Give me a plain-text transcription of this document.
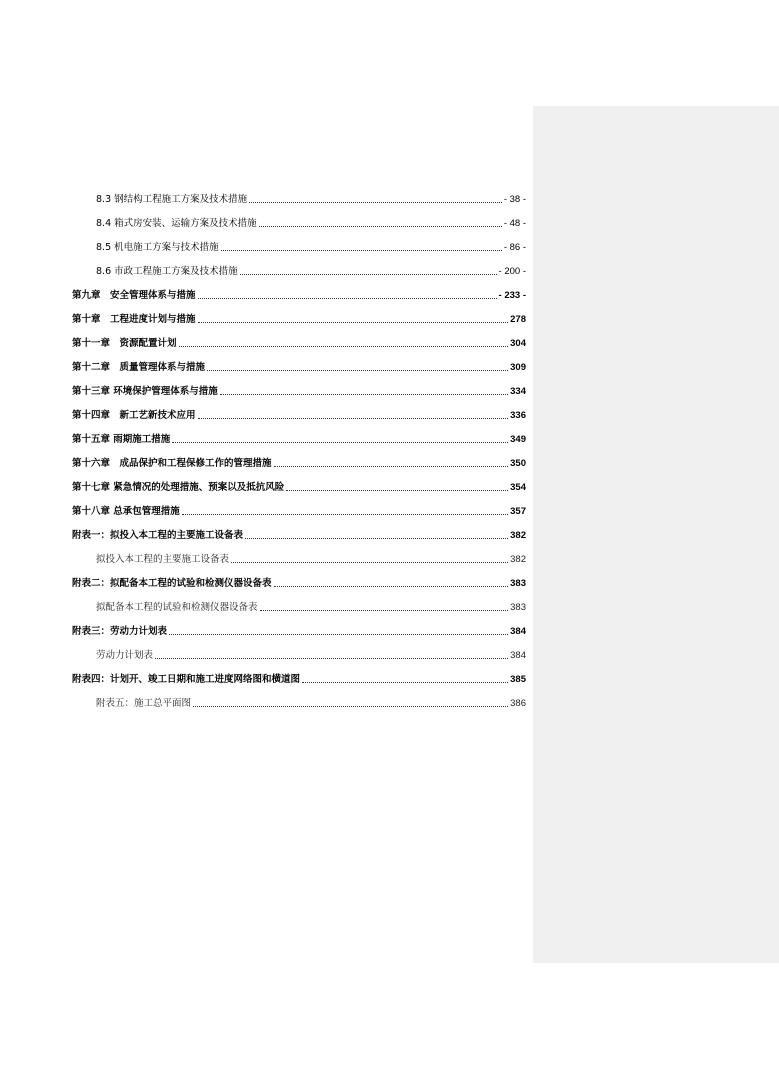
8.3 钢结构工程施工方案及技术措施	- 38 -
8.4 箱式房安装、运输方案及技术措施	- 48 -
8.5 机电施工方案与技术措施	- 86 -
8.6 市政工程施工方案及技术措施	- 200 -
第九章　安全管理体系与措施	- 233 -
第十章　工程进度计划与措施	278
第十一章　资源配置计划	304
第十二章　质量管理体系与措施	309
第十三章 环境保护管理体系与措施	334
第十四章　新工艺新技术应用	336
第十五章 雨期施工措施	349
第十六章　成品保护和工程保修工作的管理措施	350
第十七章 紧急情况的处理措施、预案以及抵抗风险	354
第十八章 总承包管理措施	357
附表一：拟投入本工程的主要施工设备表	382
拟投入本工程的主要施工设备表	382
附表二：拟配备本工程的试验和检测仪器设备表	383
拟配备本工程的试验和检测仪器设备表	383
附表三：劳动力计划表	384
劳动力计划表	384
附表四：计划开、竣工日期和施工进度网络图和横道图	385
附表五：施工总平面图	386
